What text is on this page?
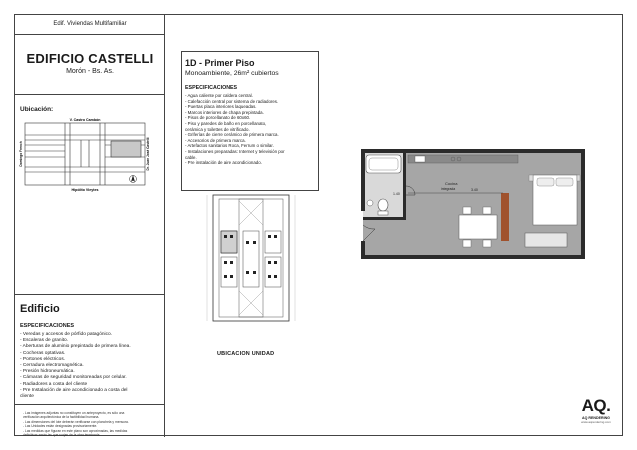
Edif. Viviendas Multifamiliar
EDIFICIO CASTELLI
Morón - Bs. As.
Ubicación:
V. Castro Cambón
Hipólito Vieytes
Domingo French	Dr. Juan José Castelli
Edificio
ESPECIFICACIONES
- Veredas y accesos de pórfido patagónico.
- Escaleras de granito.
- Aberturas de aluminio prepintado de primera línea.
- Cocheras optativas.
- Portones eléctricos.
- Cerradura electromagnética.
- Presión hidroneumática.
- Cámaras de seguridad monitoreadas por celular.
- Radiadores a costa del cliente
- Pre Instalación de aire acondicionado a costa del
cliente
- Las imágenes adjuntas no constituyen un anteproyecto, es sólo una
verificación arquitectónica de la factibilidad humana.
- Las dimensiones del lote deberán verificarse con planchela y mensura.
- Las Unidades están designadas provisoriamente.
- Las medidas que figuran en este plano son aproximadas, las medidas
definitivas serán las que surjan de la obra terminada.
1D - Primer Piso
Monoambiente, 26m² cubiertos
ESPECIFICACIONES
- Agua caliente por caldera central.
- Calefacción central por sistema de radiadores.
- Puertas placa interiores laqueadas.
- Marcos interiores de chapa prepintada.
- Pisos de porcellanato de 60x60.
- Piso y paredes de baño en porcellanato,
cerámica y toilettes de vitrificado.
- Griferías de cierre cerámico de primera marca.
- Accesorios de primera marca.
- Artefactos sanitarios Roca, Ferrum o similar.
- Instalaciones preparadas: Internet y televisión por
cable.
- Pre instalación de aire acondicionado.
1.40
3.40
Cocina
integrada
UBICACION UNIDAD
AQ.
AQ RENDERING
www.aqrendering.com
